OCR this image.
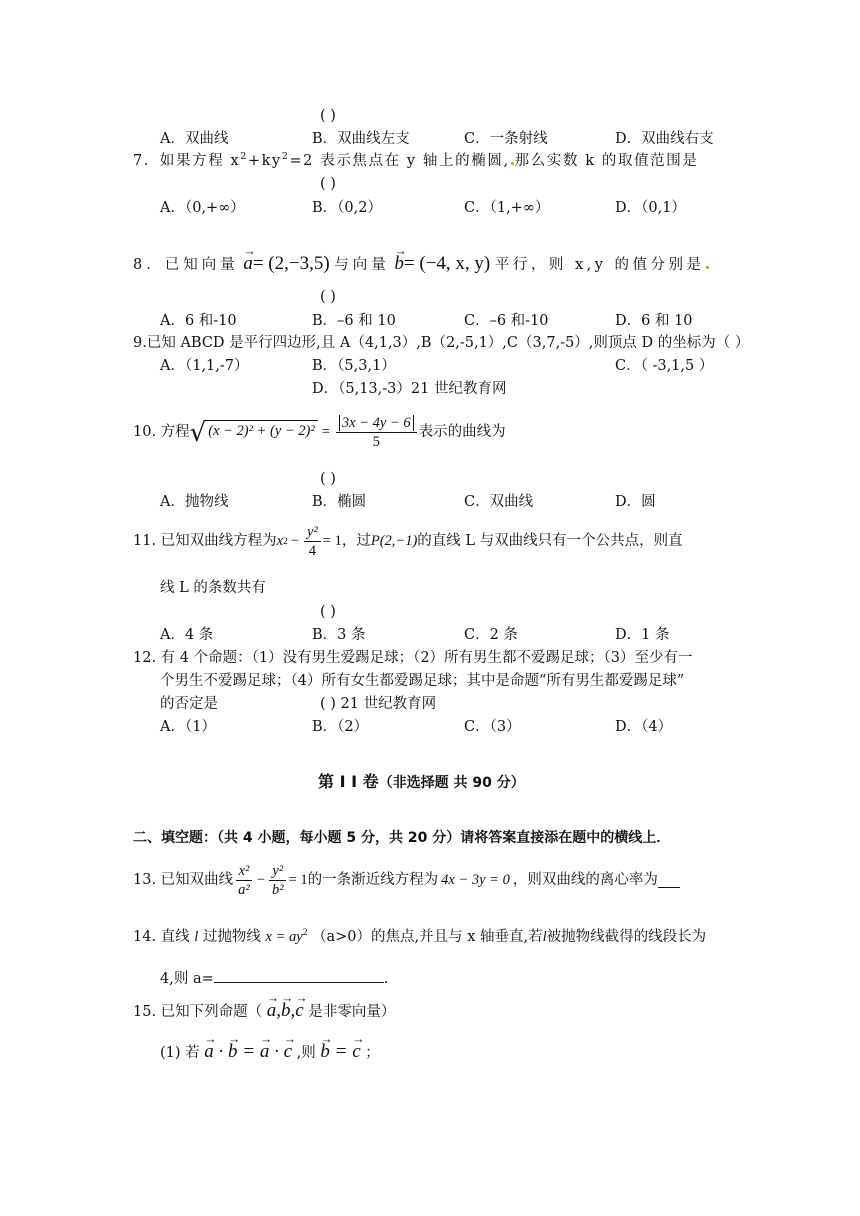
( )
A．双曲线	B．双曲线左支	C．一条射线	D．双曲线右支
7．如果方程 $x^2+ky^2=2$ 表示焦点在 y 轴上的椭圆, 那么实数 k 的取值范围是
( )
A．（0,+∞）	B．（0,2）	C．（1,+∞）	D．（0,1）
8．已知向量 → a= (2,−3,5) 与向量 → b= (−4, x, y) 平行，则 x,y 的值分别是
( )
A．6 和-10	B．–6 和 10	C．–6 和-10	D．6 和 10
9.已知 ABCD 是平行四边形,且 A（4,1,3）,B（2,-5,1）,C（3,7,-5）,则顶点 D 的坐标为（ ）
A．（1,1,-7）	B．（5,3,1）	C．（ -3,1,5 ）
D．（5,13,-3）21 世纪教育网
10. 方程 √ $(x - 2)^2 + (y - 2)^2 = \frac{3x - 4y - 6}{5}$ 表示的曲线为
( )
A．抛物线	B．椭圆	C．双曲线	D．圆
11. 已知双曲线方程为 x $2 - \frac{\text{y²}}{4} = 1$ ，过 P(2,−1) 的直线 L 与双曲线只有一个公共点，则直
线 L 的条数共有
( )
A．4 条	B．3 条	C．2 条	D．1 条
12. 有 4 个命题：（1）没有男生爱踢足球；（2）所有男生都不爱踢足球；（3）至少有一
个男生不爱踢足球；（4）所有女生都爱踢足球；其中是命题“所有男生都爱踢足球”
的否定是	( ) 21 世纪教育网
A．（1）	B．（2）	C．（3）	D．（4）
第 I I 卷（非选择题 共 90 分）
二、填空题：（共 4 小题，每小题 5 分，共 20 分）请将答案直接添在题中的横线上．
13. 已知双曲线 $\frac{\text{x²}}{\text{a²}} - \frac{\text{y²}}{\text{b²}} = 1$ 的一条渐近线方程为 4x − 3y = 0 ，则双曲线的离心率为
14. 直线 l 过抛物线 $x = ay^2$ （a>0）的焦点,并且与 x 轴垂直,若l被抛物线截得的线段长为
4,则 a=	.
15. 已知下列命题（ → a,→ b,→ c 是非零向量）
(1) 若 → a · → b = → a · → c ,则 → b = → c ；
